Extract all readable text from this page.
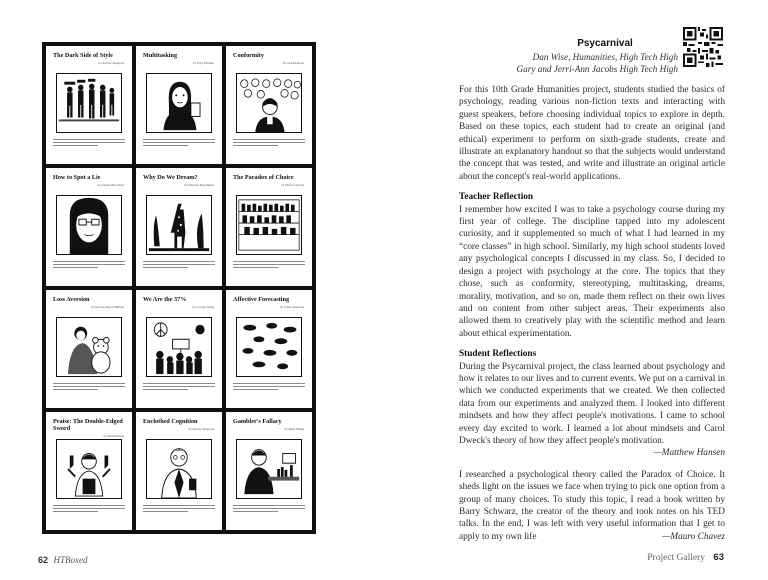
The Dark Side of Style
by Aubrey Magoole
Multitasking
by Faye Thomas
Conformity
by Josh Ridgeon
How to Spot a Lie
by Angela Beresford
Why Do We Dream?
by Dawson Rutschman
The Paradox of Choice
by Mauro Chavez
Loss Aversion
by Nicolas Bayon Billone
We Are the 37%
by Jocelyn Wang
Affective Forecasting
by Eddie Amezcua
Praise: The Double-Edged Sword
by Matt Hansen
Enclothed Cognition
by Aubrey Magoole
Gambler's Fallacy
by Ryan Zhang
62 HTBoxed
Psycarnival
Dan Wise, Humanities, High Tech High
Gary and Jerri-Ann Jacobs High Tech High

For this 10th Grade Humanities project, students studied the basics of psychology, reading various non-fiction texts and interacting with guest speakers, before choosing individual topics to explore in depth. Based on these topics, each student had to create an original (and ethical) experiment to perform on sixth-grade students, create and illustrate an explanatory handout so that the subjects would understand the concept that was tested, and write and illustrate an original article about the concept's real-world applications.

Teacher Reflection

I remember how excited I was to take a psychology course during my first year of college. The discipline tapped into my adolescent curiosity, and it supplemented so much of what I had learned in my “core classes” in high school. Similarly, my high school students loved any psychological concepts I discussed in my class. So, I decided to design a project with psychology at the core. The topics that they chose, such as conformity, stereotyping, multitasking, dreams, morality, motivation, and so on, made them reflect on their own lives and on content from other subject areas. Their experiments also allowed them to creatively play with the scientific method and learn about ethical experimentation.

Student Reflections

During the Psycarnival project, the class learned about psychology and how it relates to our lives and to current events. We put on a carnival in which we conducted experiments that we created. We then collected data from our experiments and analyzed them. I looked into different mindsets and how they affect people's motivations. I came to school every day excited to work. I learned a lot about mindsets and Carol Dweck's theory of how they affect people's motivation.

—Matthew Hansen

I researched a psychological theory called the Paradox of Choice. It sheds light on the issues we face when trying to pick one option from a group of many choices. To study this topic, I read a book written by Barry Schwarz, the creator of the theory and took notes on his TED talks. In the end, I was left with very useful information that I get to apply to my own life	—Mauro Chavez

Project Gallery 63
